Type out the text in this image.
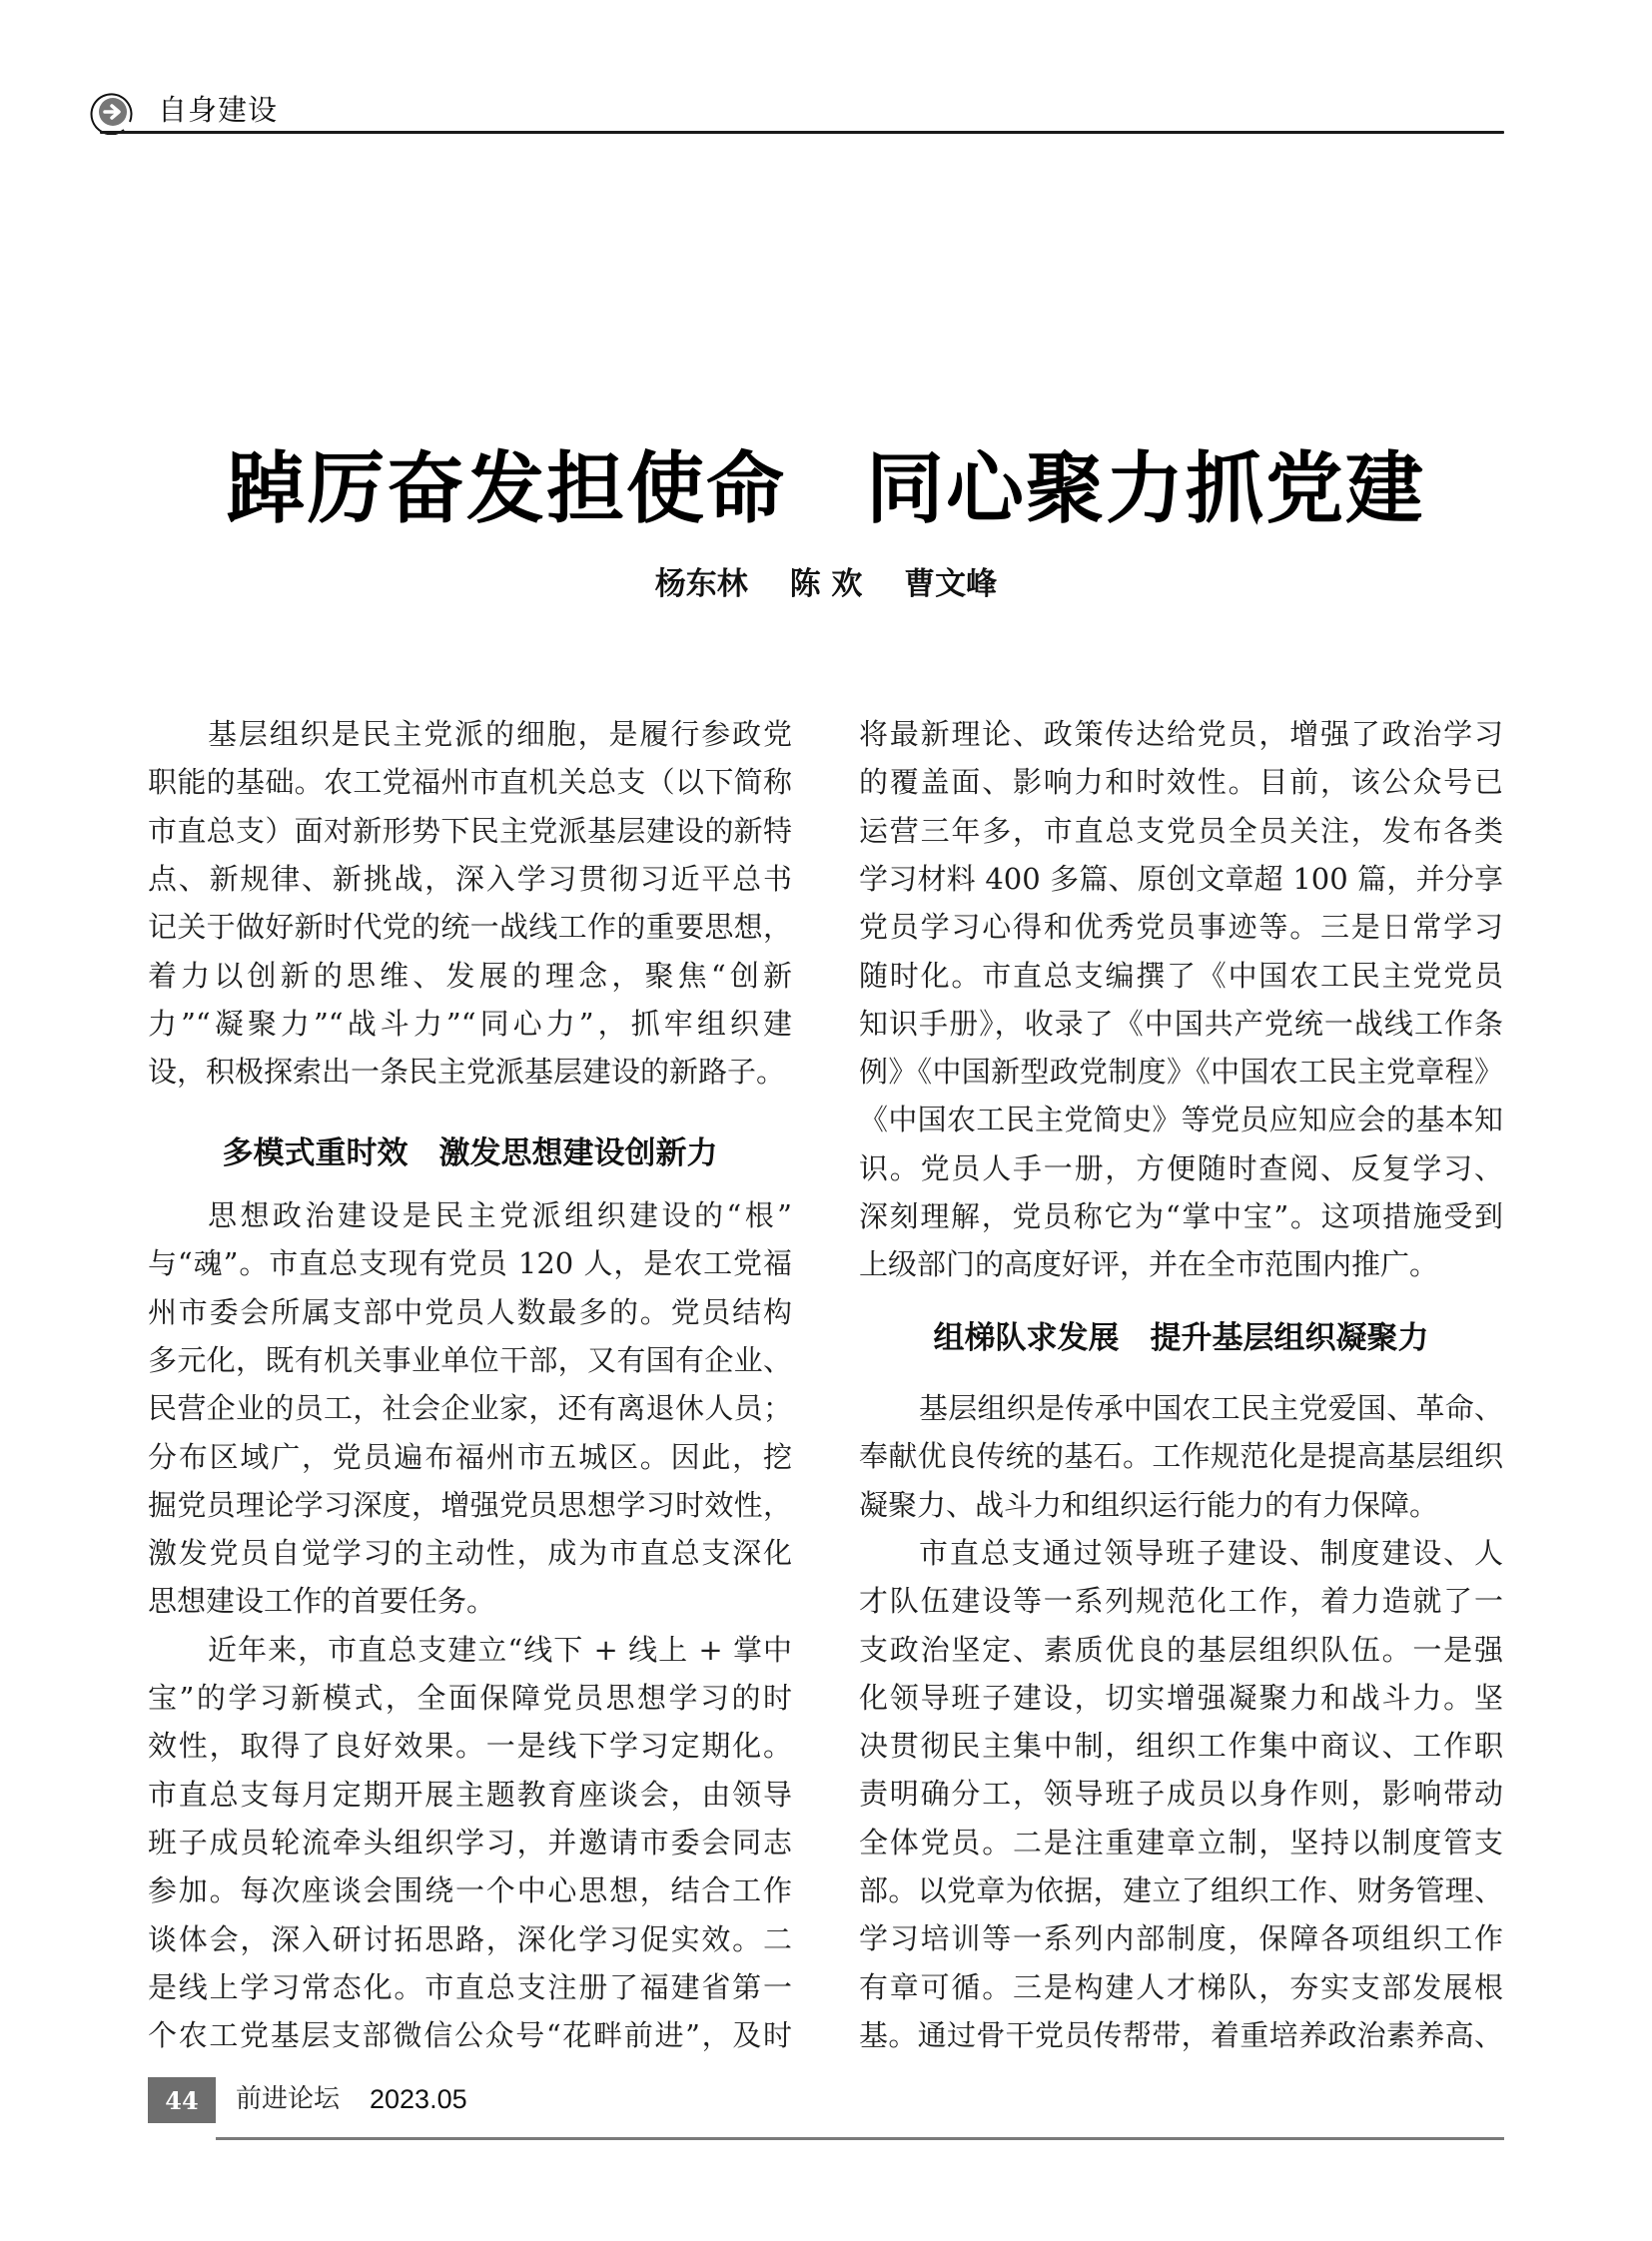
自身建设
踔厉奋发担使命　同心聚力抓党建
杨东林　 陈 欢　 曹文峰
基层组织是民主党派的细胞，是履行参政党
职能的基础。农工党福州市直机关总支（以下简称
市直总支）面对新形势下民主党派基层建设的新特
点、新规律、新挑战，深入学习贯彻习近平总书
记关于做好新时代党的统一战线工作的重要思想，
着力以创新的思维、发展的理念，聚焦“创新
力”“凝聚力”“战斗力”“同心力”，抓牢组织建
设，积极探索出一条民主党派基层建设的新路子。
多模式重时效　激发思想建设创新力
思想政治建设是民主党派组织建设的“根”
与“魂”。市直总支现有党员 120 人，是农工党福
州市委会所属支部中党员人数最多的。党员结构
多元化，既有机关事业单位干部，又有国有企业、
民营企业的员工，社会企业家，还有离退休人员；
分布区域广，党员遍布福州市五城区。因此，挖
掘党员理论学习深度，增强党员思想学习时效性，
激发党员自觉学习的主动性，成为市直总支深化
思想建设工作的首要任务。
近年来，市直总支建立“线下 + 线上 + 掌中
宝”的学习新模式，全面保障党员思想学习的时
效性，取得了良好效果。一是线下学习定期化。
市直总支每月定期开展主题教育座谈会，由领导
班子成员轮流牵头组织学习，并邀请市委会同志
参加。每次座谈会围绕一个中心思想，结合工作
谈体会，深入研讨拓思路，深化学习促实效。二
是线上学习常态化。市直总支注册了福建省第一
个农工党基层支部微信公众号“花畔前进”，及时
将最新理论、政策传达给党员，增强了政治学习
的覆盖面、影响力和时效性。目前，该公众号已
运营三年多，市直总支党员全员关注，发布各类
学习材料 400 多篇、原创文章超 100 篇，并分享
党员学习心得和优秀党员事迹等。三是日常学习
随时化。市直总支编撰了《中国农工民主党党员
知识手册》，收录了《中国共产党统一战线工作条
例》《中国新型政党制度》《中国农工民主党章程》
《中国农工民主党简史》等党员应知应会的基本知
识。党员人手一册，方便随时查阅、反复学习、
深刻理解，党员称它为“掌中宝”。这项措施受到
上级部门的高度好评，并在全市范围内推广。
组梯队求发展　提升基层组织凝聚力
基层组织是传承中国农工民主党爱国、革命、
奉献优良传统的基石。工作规范化是提高基层组织
凝聚力、战斗力和组织运行能力的有力保障。
市直总支通过领导班子建设、制度建设、人
才队伍建设等一系列规范化工作，着力造就了一
支政治坚定、素质优良的基层组织队伍。一是强
化领导班子建设，切实增强凝聚力和战斗力。坚
决贯彻民主集中制，组织工作集中商议、工作职
责明确分工，领导班子成员以身作则，影响带动
全体党员。二是注重建章立制，坚持以制度管支
部。以党章为依据，建立了组织工作、财务管理、
学习培训等一系列内部制度，保障各项组织工作
有章可循。三是构建人才梯队，夯实支部发展根
基。通过骨干党员传帮带，着重培养政治素养高、
44	前进论坛 2023.05
